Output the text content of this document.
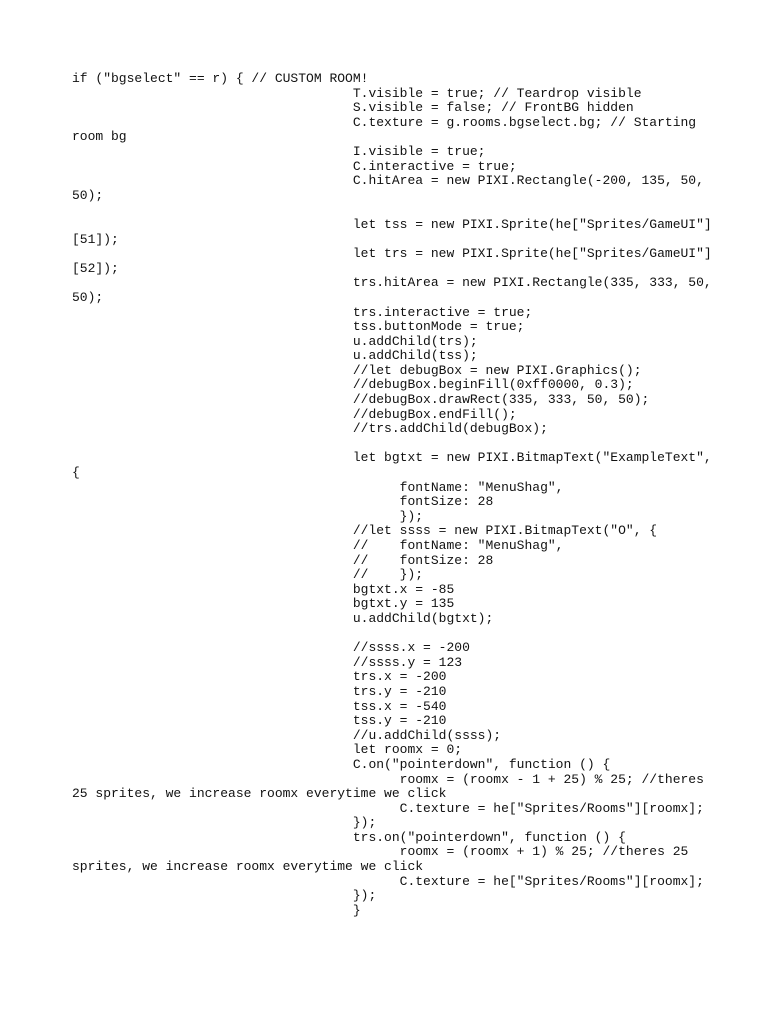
if ("bgselect" == r) { // CUSTOM ROOM!
T.visible = true; // Teardrop visible
S.visible = false; // FrontBG hidden
C.texture = g.rooms.bgselect.bg; // Starting
room bg
I.visible = true;
C.interactive = true;
C.hitArea = new PIXI.Rectangle(-200, 135, 50,
50);
let tss = new PIXI.Sprite(he["Sprites/GameUI"]
[51]);
let trs = new PIXI.Sprite(he["Sprites/GameUI"]
[52]);
trs.hitArea = new PIXI.Rectangle(335, 333, 50,
50);
trs.interactive = true;
tss.buttonMode = true;
u.addChild(trs);
u.addChild(tss);
//let debugBox = new PIXI.Graphics();
//debugBox.beginFill(0xff0000, 0.3);
//debugBox.drawRect(335, 333, 50, 50);
//debugBox.endFill();
//trs.addChild(debugBox);
let bgtxt = new PIXI.BitmapText("ExampleText",
{
fontName: "MenuShag",
fontSize: 28
});
//let ssss = new PIXI.BitmapText("O", {
//    fontName: "MenuShag",
//    fontSize: 28
//    });
bgtxt.x = -85
bgtxt.y = 135
u.addChild(bgtxt);
//ssss.x = -200
//ssss.y = 123
trs.x = -200
trs.y = -210
tss.x = -540
tss.y = -210
//u.addChild(ssss);
let roomx = 0;
C.on("pointerdown", function () {
roomx = (roomx - 1 + 25) % 25; //theres
25 sprites, we increase roomx everytime we click
C.texture = he["Sprites/Rooms"][roomx];
});
trs.on("pointerdown", function () {
roomx = (roomx + 1) % 25; //theres 25
sprites, we increase roomx everytime we click
C.texture = he["Sprites/Rooms"][roomx];
});
}
